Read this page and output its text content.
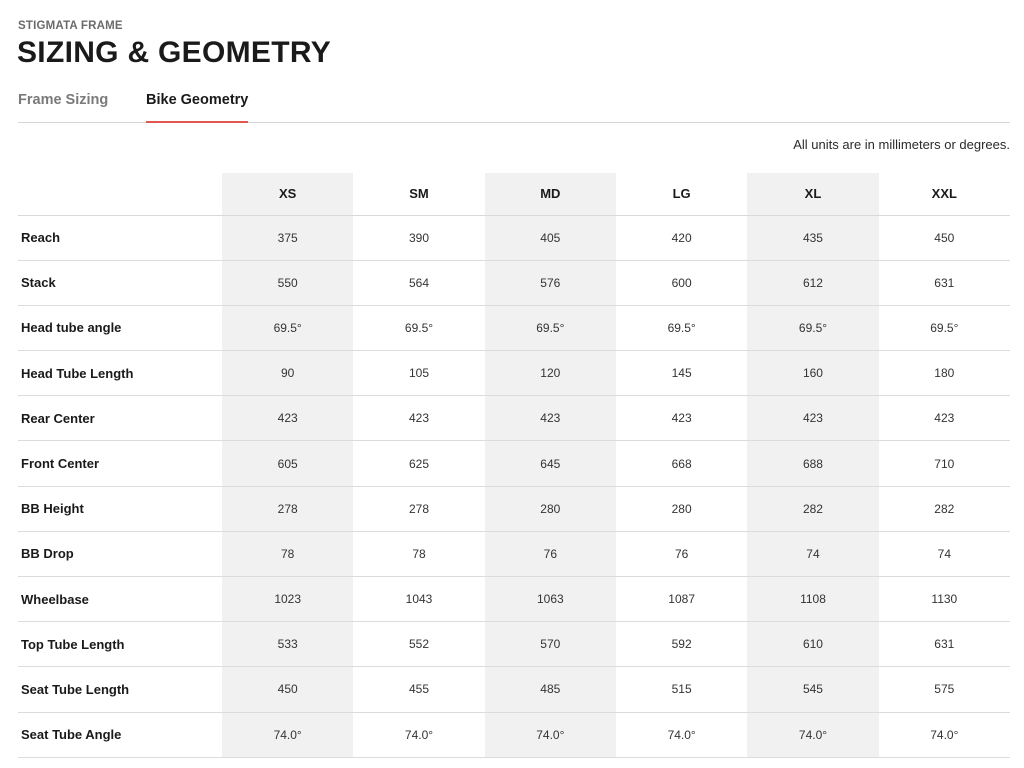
STIGMATA FRAME
SIZING & GEOMETRY
Frame Sizing	Bike Geometry
All units are in millimeters or degrees.
	XS	SM	MD	LG	XL	XXL
Reach	375	390	405	420	435	450
Stack	550	564	576	600	612	631
Head tube angle	69.5°	69.5°	69.5°	69.5°	69.5°	69.5°
Head Tube Length	90	105	120	145	160	180
Rear Center	423	423	423	423	423	423
Front Center	605	625	645	668	688	710
BB Height	278	278	280	280	282	282
BB Drop	78	78	76	76	74	74
Wheelbase	1023	1043	1063	1087	1108	1130
Top Tube Length	533	552	570	592	610	631
Seat Tube Length	450	455	485	515	545	575
Seat Tube Angle	74.0°	74.0°	74.0°	74.0°	74.0°	74.0°
